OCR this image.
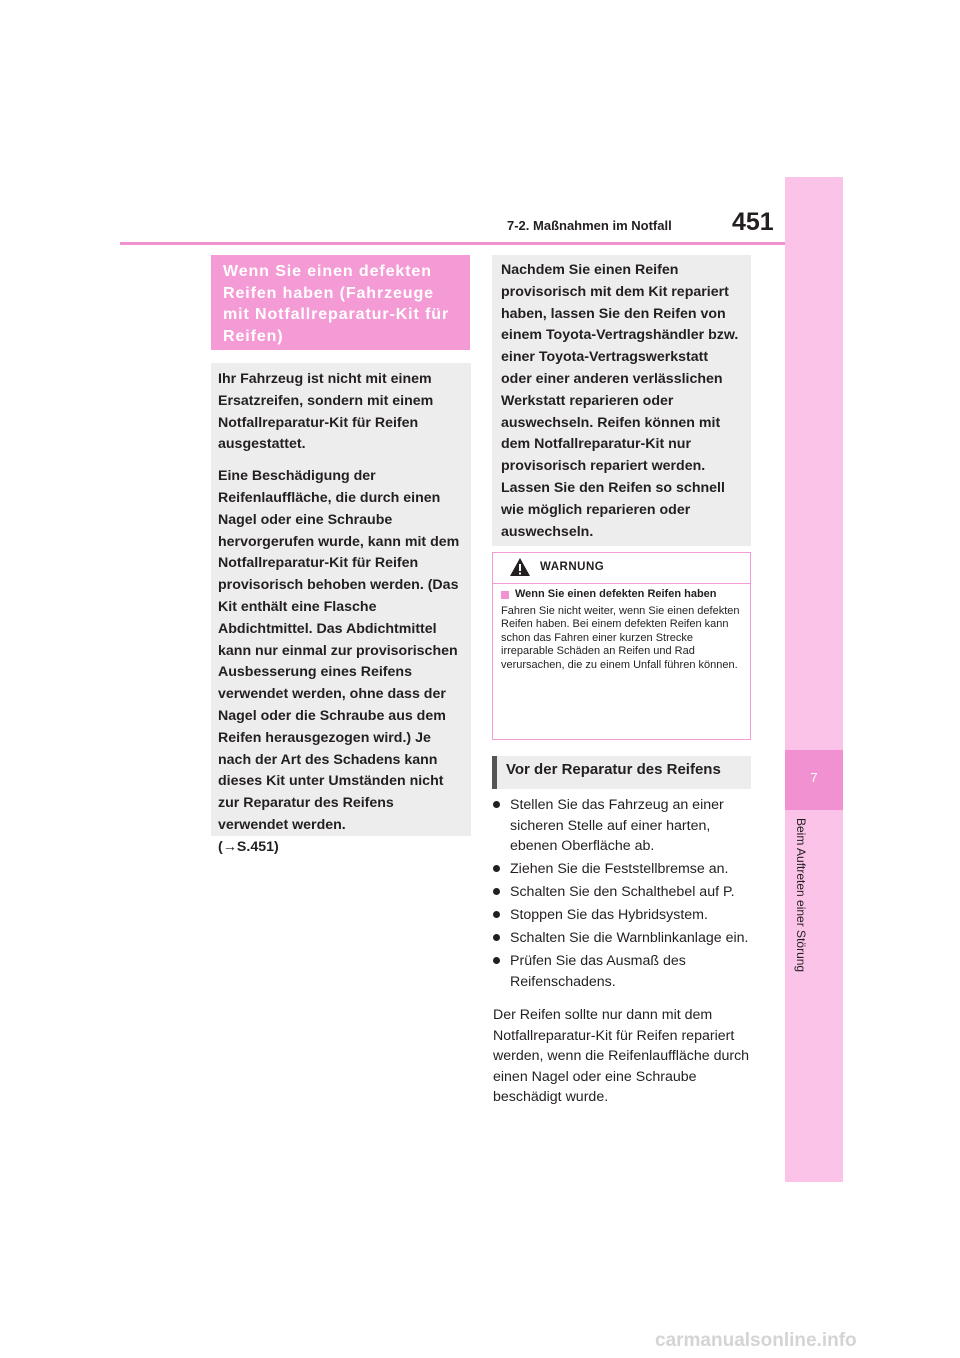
7
Beim Auftreten einer Störung
7-2. Maßnahmen im Notfall 451
Wenn Sie einen defekten Reifen haben (Fahrzeuge mit Notfallreparatur-Kit für Reifen)

Ihr Fahrzeug ist nicht mit einem Ersatzreifen, sondern mit einem Notfallreparatur-Kit für Reifen ausgestattet.

Eine Beschädigung der Reifenlauffläche, die durch einen Nagel oder eine Schraube hervorgerufen wurde, kann mit dem Notfallreparatur-Kit für Reifen provisorisch behoben werden. (Das Kit enthält eine Flasche Abdichtmittel. Das Abdichtmittel kann nur einmal zur provisorischen Ausbesserung eines Reifens verwendet werden, ohne dass der Nagel oder die Schraube aus dem Reifen herausgezogen wird.) Je nach der Art des Schadens kann dieses Kit unter Umständen nicht zur Reparatur des Reifens verwendet werden.
(→S.451)

Nachdem Sie einen Reifen provisorisch mit dem Kit repariert haben, lassen Sie den Reifen von einem Toyota-Vertragshändler bzw. einer Toyota-Vertragswerkstatt oder einer anderen verlässlichen Werkstatt reparieren oder auswechseln. Reifen können mit dem Notfallreparatur-Kit nur provisorisch repariert werden. Lassen Sie den Reifen so schnell wie möglich reparieren oder auswechseln.

WARNUNG
Wenn Sie einen defekten Reifen haben
Fahren Sie nicht weiter, wenn Sie einen defekten Reifen haben. Bei einem defekten Reifen kann schon das Fahren einer kurzen Strecke irreparable Schäden an Reifen und Rad verursachen, die zu einem Unfall führen können.
Vor der Reparatur des Reifens
Stellen Sie das Fahrzeug an einer sicheren Stelle auf einer harten, ebenen Oberfläche ab.
Ziehen Sie die Feststellbremse an.
Schalten Sie den Schalthebel auf P.
Stoppen Sie das Hybridsystem.
Schalten Sie die Warnblinkanlage ein.
Prüfen Sie das Ausmaß des Reifenschadens.

Der Reifen sollte nur dann mit dem Notfallreparatur-Kit für Reifen repariert werden, wenn die Reifenlauffläche durch einen Nagel oder eine Schraube beschädigt wurde.

carmanualsonline.info
